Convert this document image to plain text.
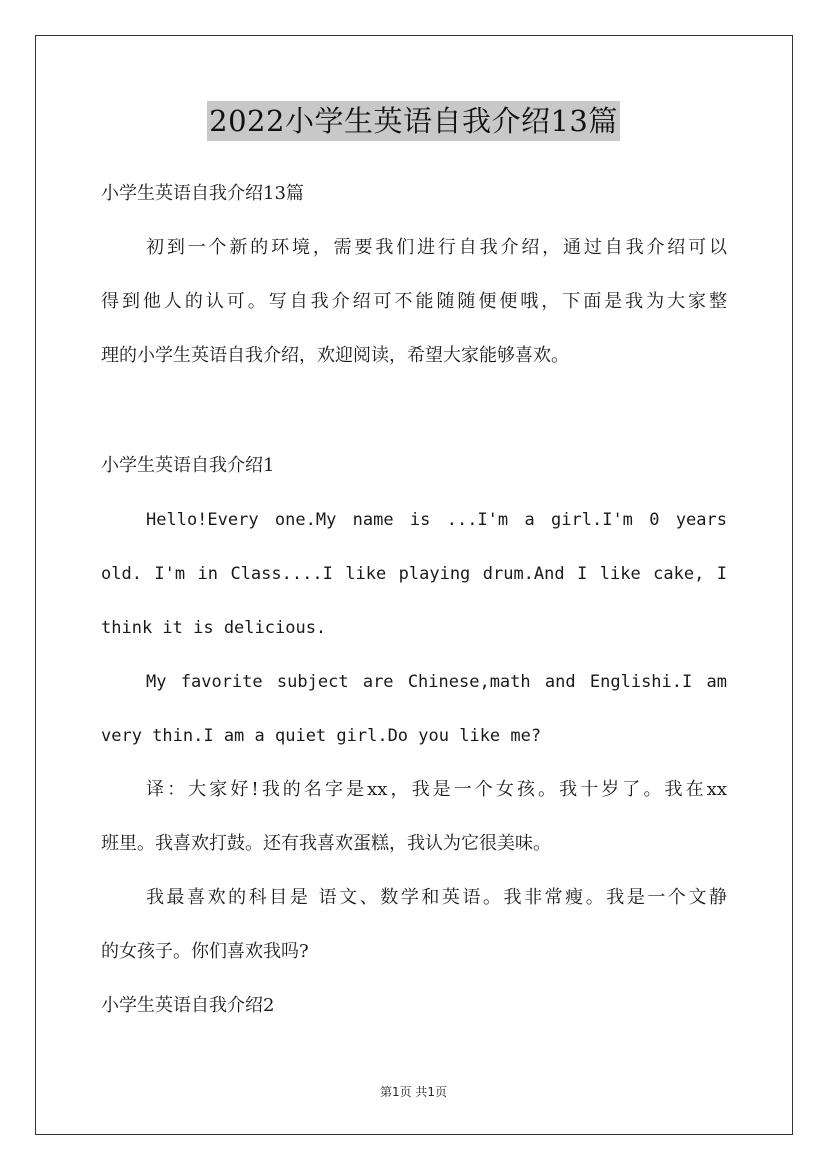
2022小学生英语自我介绍13篇
小学生英语自我介绍13篇
初到一个新的环境，需要我们进行自我介绍，通过自我介绍可以
得到他人的认可。写自我介绍可不能随随便便哦，下面是我为大家整
理的小学生英语自我介绍，欢迎阅读，希望大家能够喜欢。
小学生英语自我介绍1
Hello!Every one.My name is ...I'm a girl.I'm 0 years
old. I'm in Class....I like playing drum.And I like cake, I
think it is delicious.
My favorite subject are Chinese,math and Englishi.I am
very thin.I am a quiet girl.Do you like me?
译：大家好!我的名字是xx，我是一个女孩。我十岁了。我在xx
班里。我喜欢打鼓。还有我喜欢蛋糕，我认为它很美味。
我最喜欢的科目是 语文、数学和英语。我非常瘦。我是一个文静
的女孩子。你们喜欢我吗?
小学生英语自我介绍2
第1页 共1页
